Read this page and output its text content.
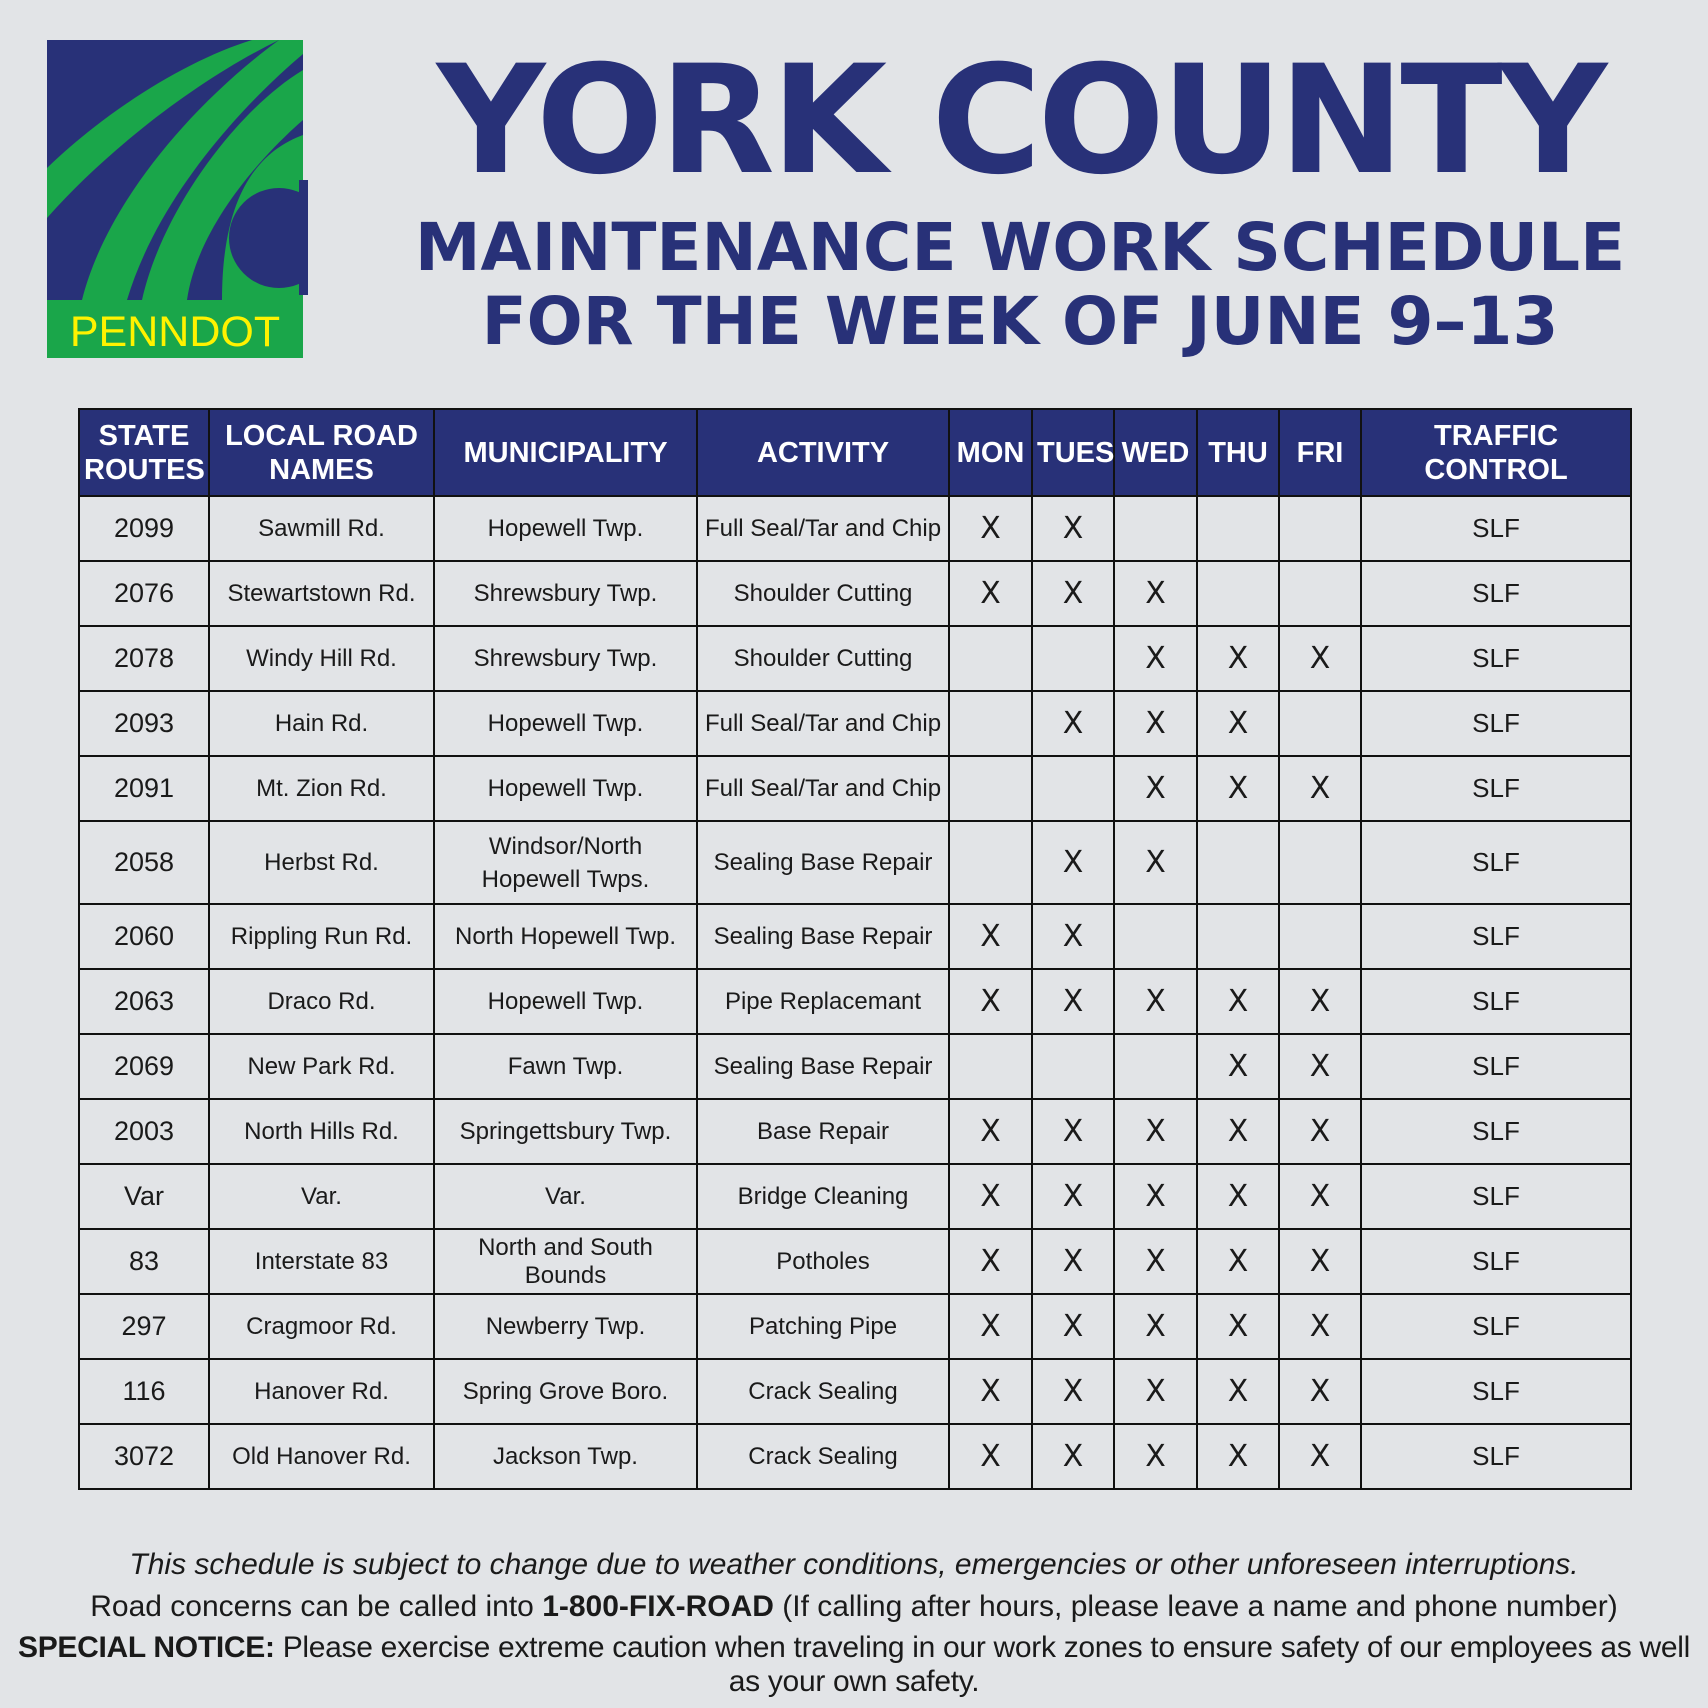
PENNDOT
YORK COUNTY
MAINTENANCE WORK SCHEDULE
FOR THE WEEK OF JUNE 9–13
STATE ROUTES	LOCAL ROAD NAMES	MUNICIPALITY	ACTIVITY	MON	TUES	WED	THU	FRI	TRAFFIC CONTROL
2099	Sawmill Rd.	Hopewell Twp.	Full Seal/Tar and Chip	X	X				SLF
2076	Stewartstown Rd.	Shrewsbury Twp.	Shoulder Cutting	X	X	X			SLF
2078	Windy Hill Rd.	Shrewsbury Twp.	Shoulder Cutting			X	X	X	SLF
2093	Hain Rd.	Hopewell Twp.	Full Seal/Tar and Chip		X	X	X		SLF
2091	Mt. Zion Rd.	Hopewell Twp.	Full Seal/Tar and Chip			X	X	X	SLF
2058	Herbst Rd.	Windsor/North Hopewell Twps.	Sealing Base Repair		X	X			SLF
2060	Rippling Run Rd.	North Hopewell Twp.	Sealing Base Repair	X	X				SLF
2063	Draco Rd.	Hopewell Twp.	Pipe Replacemant	X	X	X	X	X	SLF
2069	New Park Rd.	Fawn Twp.	Sealing Base Repair				X	X	SLF
2003	North Hills Rd.	Springettsbury Twp.	Base Repair	X	X	X	X	X	SLF
Var	Var.	Var.	Bridge Cleaning	X	X	X	X	X	SLF
83	Interstate 83	North and South Bounds	Potholes	X	X	X	X	X	SLF
297	Cragmoor Rd.	Newberry Twp.	Patching Pipe	X	X	X	X	X	SLF
116	Hanover Rd.	Spring Grove Boro.	Crack Sealing	X	X	X	X	X	SLF
3072	Old Hanover Rd.	Jackson Twp.	Crack Sealing	X	X	X	X	X	SLF

This schedule is subject to change due to weather conditions, emergencies or other unforeseen interruptions.

Road concerns can be called into 1-800-FIX-ROAD (If calling after hours, please leave a name and phone number)

SPECIAL NOTICE: Please exercise extreme caution when traveling in our work zones to ensure safety of our employees as well as your own safety.
